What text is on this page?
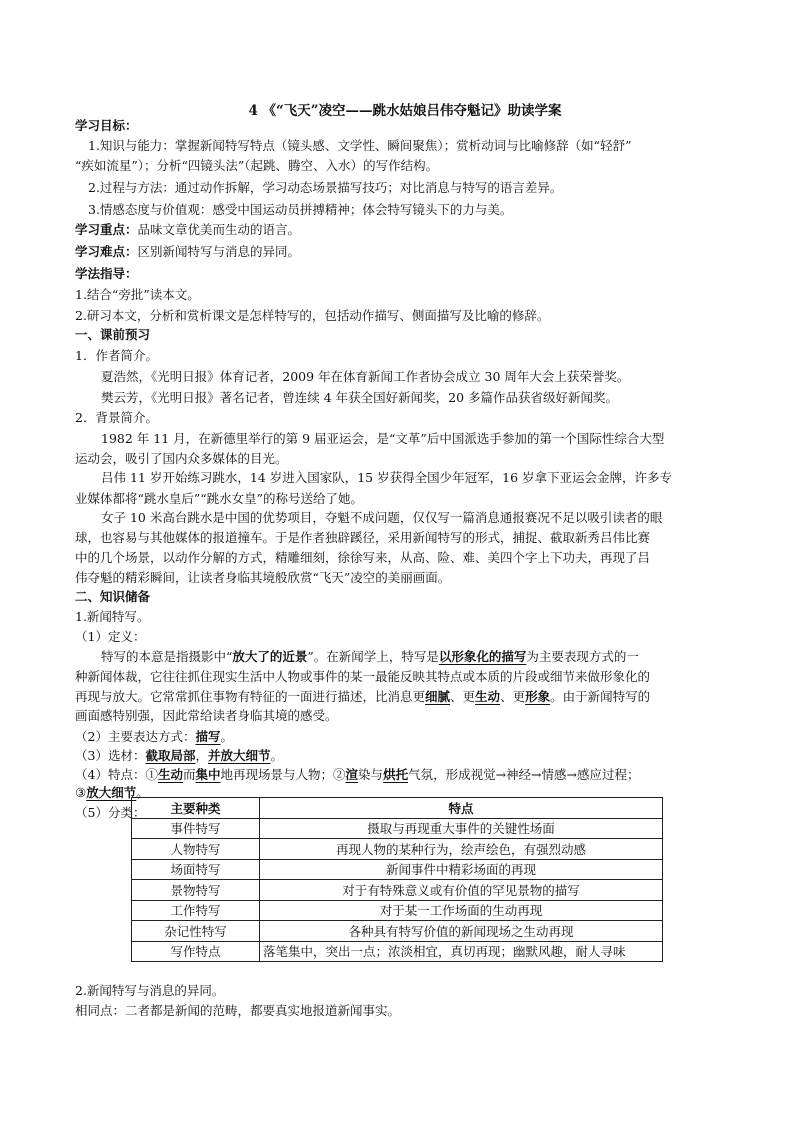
4 《“飞天”凌空——跳水姑娘吕伟夺魁记》助读学案
学习目标：
1.知识与能力：掌握新闻特写特点（镜头感、文学性、瞬间聚焦）；赏析动词与比喻修辞（如“轻舒”
“疾如流星”）；分析“四镜头法”（起跳、腾空、入水）的写作结构。
2.过程与方法：通过动作拆解，学习动态场景描写技巧；对比消息与特写的语言差异。
3.情感态度与价值观：感受中国运动员拼搏精神；体会特写镜头下的力与美。
学习重点：品味文章优美而生动的语言。
学习难点：区别新闻特写与消息的异同。
学法指导：
1.结合“旁批”读本文。
2.研习本文，分析和赏析课文是怎样特写的，包括动作描写、侧面描写及比喻的修辞。
一、课前预习
1．作者简介。
夏浩然，《光明日报》体育记者，2009 年在体育新闻工作者协会成立 30 周年大会上获荣誉奖。
樊云芳，《光明日报》著名记者，曾连续 4 年获全国好新闻奖，20 多篇作品获省级好新闻奖。
2．背景简介。
1982 年 11 月，在新德里举行的第 9 届亚运会，是“文革”后中国派选手参加的第一个国际性综合大型
运动会，吸引了国内众多媒体的目光。
吕伟 11 岁开始练习跳水，14 岁进入国家队，15 岁获得全国少年冠军，16 岁拿下亚运会金牌，许多专
业媒体都将“跳水皇后”“跳水女皇”的称号送给了她。
女子 10 米高台跳水是中国的优势项目，夺魁不成问题，仅仅写一篇消息通报赛况不足以吸引读者的眼
球，也容易与其他媒体的报道撞车。于是作者独辟蹊径，采用新闻特写的形式，捕捉、截取新秀吕伟比赛
中的几个场景，以动作分解的方式，精雕细刻，徐徐写来，从高、险、难、美四个字上下功夫，再现了吕
伟夺魁的精彩瞬间，让读者身临其境般欣赏“飞天”凌空的美丽画面。
二、知识储备
1.新闻特写。
（1）定义：
特写的本意是指摄影中“放大了的近景”。在新闻学上，特写是以形象化的描写为主要表现方式的一
种新闻体裁，它往往抓住现实生活中人物或事件的某一最能反映其特点或本质的片段或细节来做形象化的
再现与放大。它常常抓住事物有特征的一面进行描述，比消息更细腻、更生动、更形象。由于新闻特写的
画面感特别强，因此常给读者身临其境的感受。
（2）主要表达方式：描写。
（3）选材：截取局部，并放大细节。
（4）特点：①生动而集中地再现场景与人物；②渲染与烘托气氛，形成视觉→神经→情感→感应过程；
③放大细节。
（5）分类：	主要种类	特点
事件特写	摄取与再现重大事件的关键性场面
人物特写	再现人物的某种行为，绘声绘色，有强烈动感
场面特写	新闻事件中精彩场面的再现
景物特写	对于有特殊意义或有价值的罕见景物的描写
工作特写	对于某一工作场面的生动再现
杂记性特写	各种具有特写价值的新闻现场之生动再现
写作特点	落笔集中，突出一点；浓淡相宜，真切再现；幽默风趣，耐人寻味
2.新闻特写与消息的异同。
相同点：二者都是新闻的范畴，都要真实地报道新闻事实。
